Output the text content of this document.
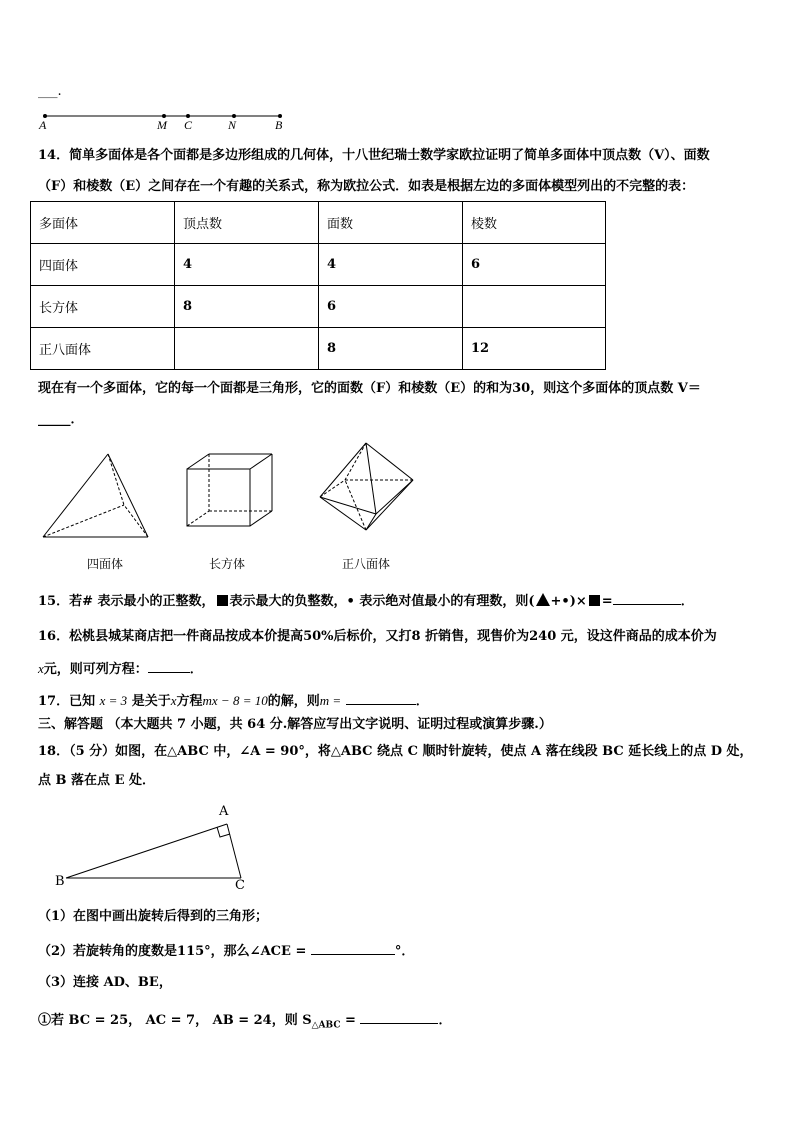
___.
A	M C	N	B
14．简单多面体是各个面都是多边形组成的几何体，十八世纪瑞士数学家欧拉证明了简单多面体中顶点数（V）、面数
（F）和棱数（E）之间存在一个有趣的关系式，称为欧拉公式．如表是根据左边的多面体模型列出的不完整的表：
多面体	顶点数	面数	棱数
四面体	4	4	6
长方体	8	6	
正八面体		8	12
现在有一个多面体，它的每一个面都是三角形，它的面数（F）和棱数（E）的和为30，则这个多面体的顶点数 V＝
_____．
四面体	长方体	正八面体
15．若# 表示最小的正整数， 表示最大的负整数，• 表示绝对值最小的有理数，则( +•)× =	．
16．松桃县城某商店把一件商品按成本价提高50%后标价，又打8 折销售，现售价为240 元，设这件商品的成本价为
x元，则可列方程：	．
17．已知 x = 3 是关于x方程mx − 8 = 10的解，则m =	．
三、解答题 （本大题共 7 小题，共 64 分.解答应写出文字说明、证明过程或演算步骤.）
18．（5 分）如图，在△ABC 中，∠A = 90°，将△ABC 绕点 C 顺时针旋转，使点 A 落在线段 BC 延长线上的点 D 处，
点 B 落在点 E 处．
A
B	C
（1）在图中画出旋转后得到的三角形；
（2）若旋转角的度数是115°，那么∠ACE =	°．
（3）连接 AD、BE，
①若 BC = 25， AC = 7， AB = 24，则 $S_{\triangle ABC}$ =	．
